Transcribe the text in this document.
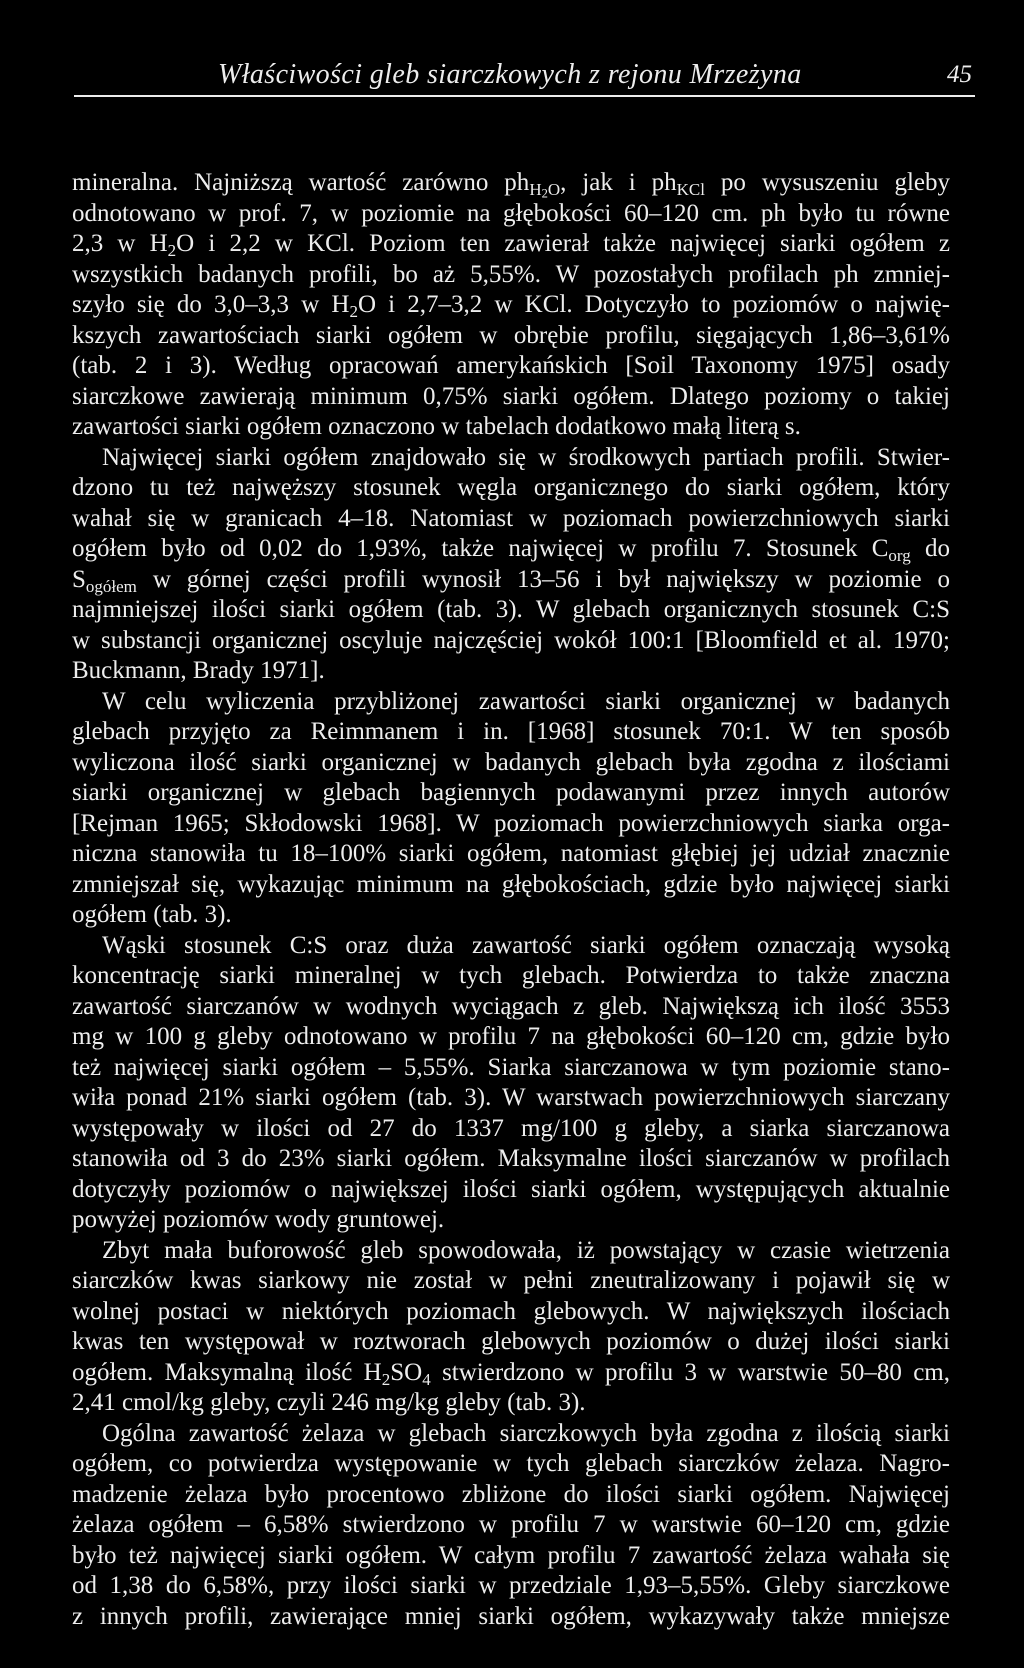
Właściwości gleb siarczkowych z rejonu Mrzeżyna	45
mineralna. Najniższą wartość zarówno $ph_{H2O}$, jak i $ph_{KCl}$ po wysuszeniu gleby
odnotowano w prof. 7, w poziomie na głębokości 60–120 cm. ph było tu równe
2,3 w $H_2O$ i 2,2 w KCl. Poziom ten zawierał także najwięcej siarki ogółem z
wszystkich badanych profili, bo aż 5,55%. W pozostałych profilach ph zmniej-
szyło się do 3,0–3,3 w $H_2O$ i 2,7–3,2 w KCl. Dotyczyło to poziomów o najwię-
kszych zawartościach siarki ogółem w obrębie profilu, sięgających 1,86–3,61%
(tab. 2 i 3). Według opracowań amerykańskich [Soil Taxonomy 1975] osady
siarczkowe zawierają minimum 0,75% siarki ogółem. Dlatego poziomy o takiej
zawartości siarki ogółem oznaczono w tabelach dodatkowo małą literą s.
Najwięcej siarki ogółem znajdowało się w środkowych partiach profili. Stwier-
dzono tu też najwęższy stosunek węgla organicznego do siarki ogółem, który
wahał się w granicach 4–18. Natomiast w poziomach powierzchniowych siarki
ogółem było od 0,02 do 1,93%, także najwięcej w profilu 7. Stosunek $C_{org}$ do
$S_{ogółem}$ w górnej części profili wynosił 13–56 i był największy w poziomie o
najmniejszej ilości siarki ogółem (tab. 3). W glebach organicznych stosunek C:S
w substancji organicznej oscyluje najczęściej wokół 100:1 [Bloomfield et al. 1970;
Buckmann, Brady 1971].
W celu wyliczenia przybliżonej zawartości siarki organicznej w badanych
glebach przyjęto za Reimmanem i in. [1968] stosunek 70:1. W ten sposób
wyliczona ilość siarki organicznej w badanych glebach była zgodna z ilościami
siarki organicznej w glebach bagiennych podawanymi przez innych autorów
[Rejman 1965; Skłodowski 1968]. W poziomach powierzchniowych siarka orga-
niczna stanowiła tu 18–100% siarki ogółem, natomiast głębiej jej udział znacznie
zmniejszał się, wykazując minimum na głębokościach, gdzie było najwięcej siarki
ogółem (tab. 3).
Wąski stosunek C:S oraz duża zawartość siarki ogółem oznaczają wysoką
koncentrację siarki mineralnej w tych glebach. Potwierdza to także znaczna
zawartość siarczanów w wodnych wyciągach z gleb. Największą ich ilość 3553
mg w 100 g gleby odnotowano w profilu 7 na głębokości 60–120 cm, gdzie było
też najwięcej siarki ogółem – 5,55%. Siarka siarczanowa w tym poziomie stano-
wiła ponad 21% siarki ogółem (tab. 3). W warstwach powierzchniowych siarczany
występowały w ilości od 27 do 1337 mg/100 g gleby, a siarka siarczanowa
stanowiła od 3 do 23% siarki ogółem. Maksymalne ilości siarczanów w profilach
dotyczyły poziomów o największej ilości siarki ogółem, występujących aktualnie
powyżej poziomów wody gruntowej.
Zbyt mała buforowość gleb spowodowała, iż powstający w czasie wietrzenia
siarczków kwas siarkowy nie został w pełni zneutralizowany i pojawił się w
wolnej postaci w niektórych poziomach glebowych. W największych ilościach
kwas ten występował w roztworach glebowych poziomów o dużej ilości siarki
ogółem. Maksymalną ilość $H_2SO_4$ stwierdzono w profilu 3 w warstwie 50–80 cm,
2,41 cmol/kg gleby, czyli 246 mg/kg gleby (tab. 3).
Ogólna zawartość żelaza w glebach siarczkowych była zgodna z ilością siarki
ogółem, co potwierdza występowanie w tych glebach siarczków żelaza. Nagro-
madzenie żelaza było procentowo zbliżone do ilości siarki ogółem. Najwięcej
żelaza ogółem – 6,58% stwierdzono w profilu 7 w warstwie 60–120 cm, gdzie
było też najwięcej siarki ogółem. W całym profilu 7 zawartość żelaza wahała się
od 1,38 do 6,58%, przy ilości siarki w przedziale 1,93–5,55%. Gleby siarczkowe
z innych profili, zawierające mniej siarki ogółem, wykazywały także mniejsze
